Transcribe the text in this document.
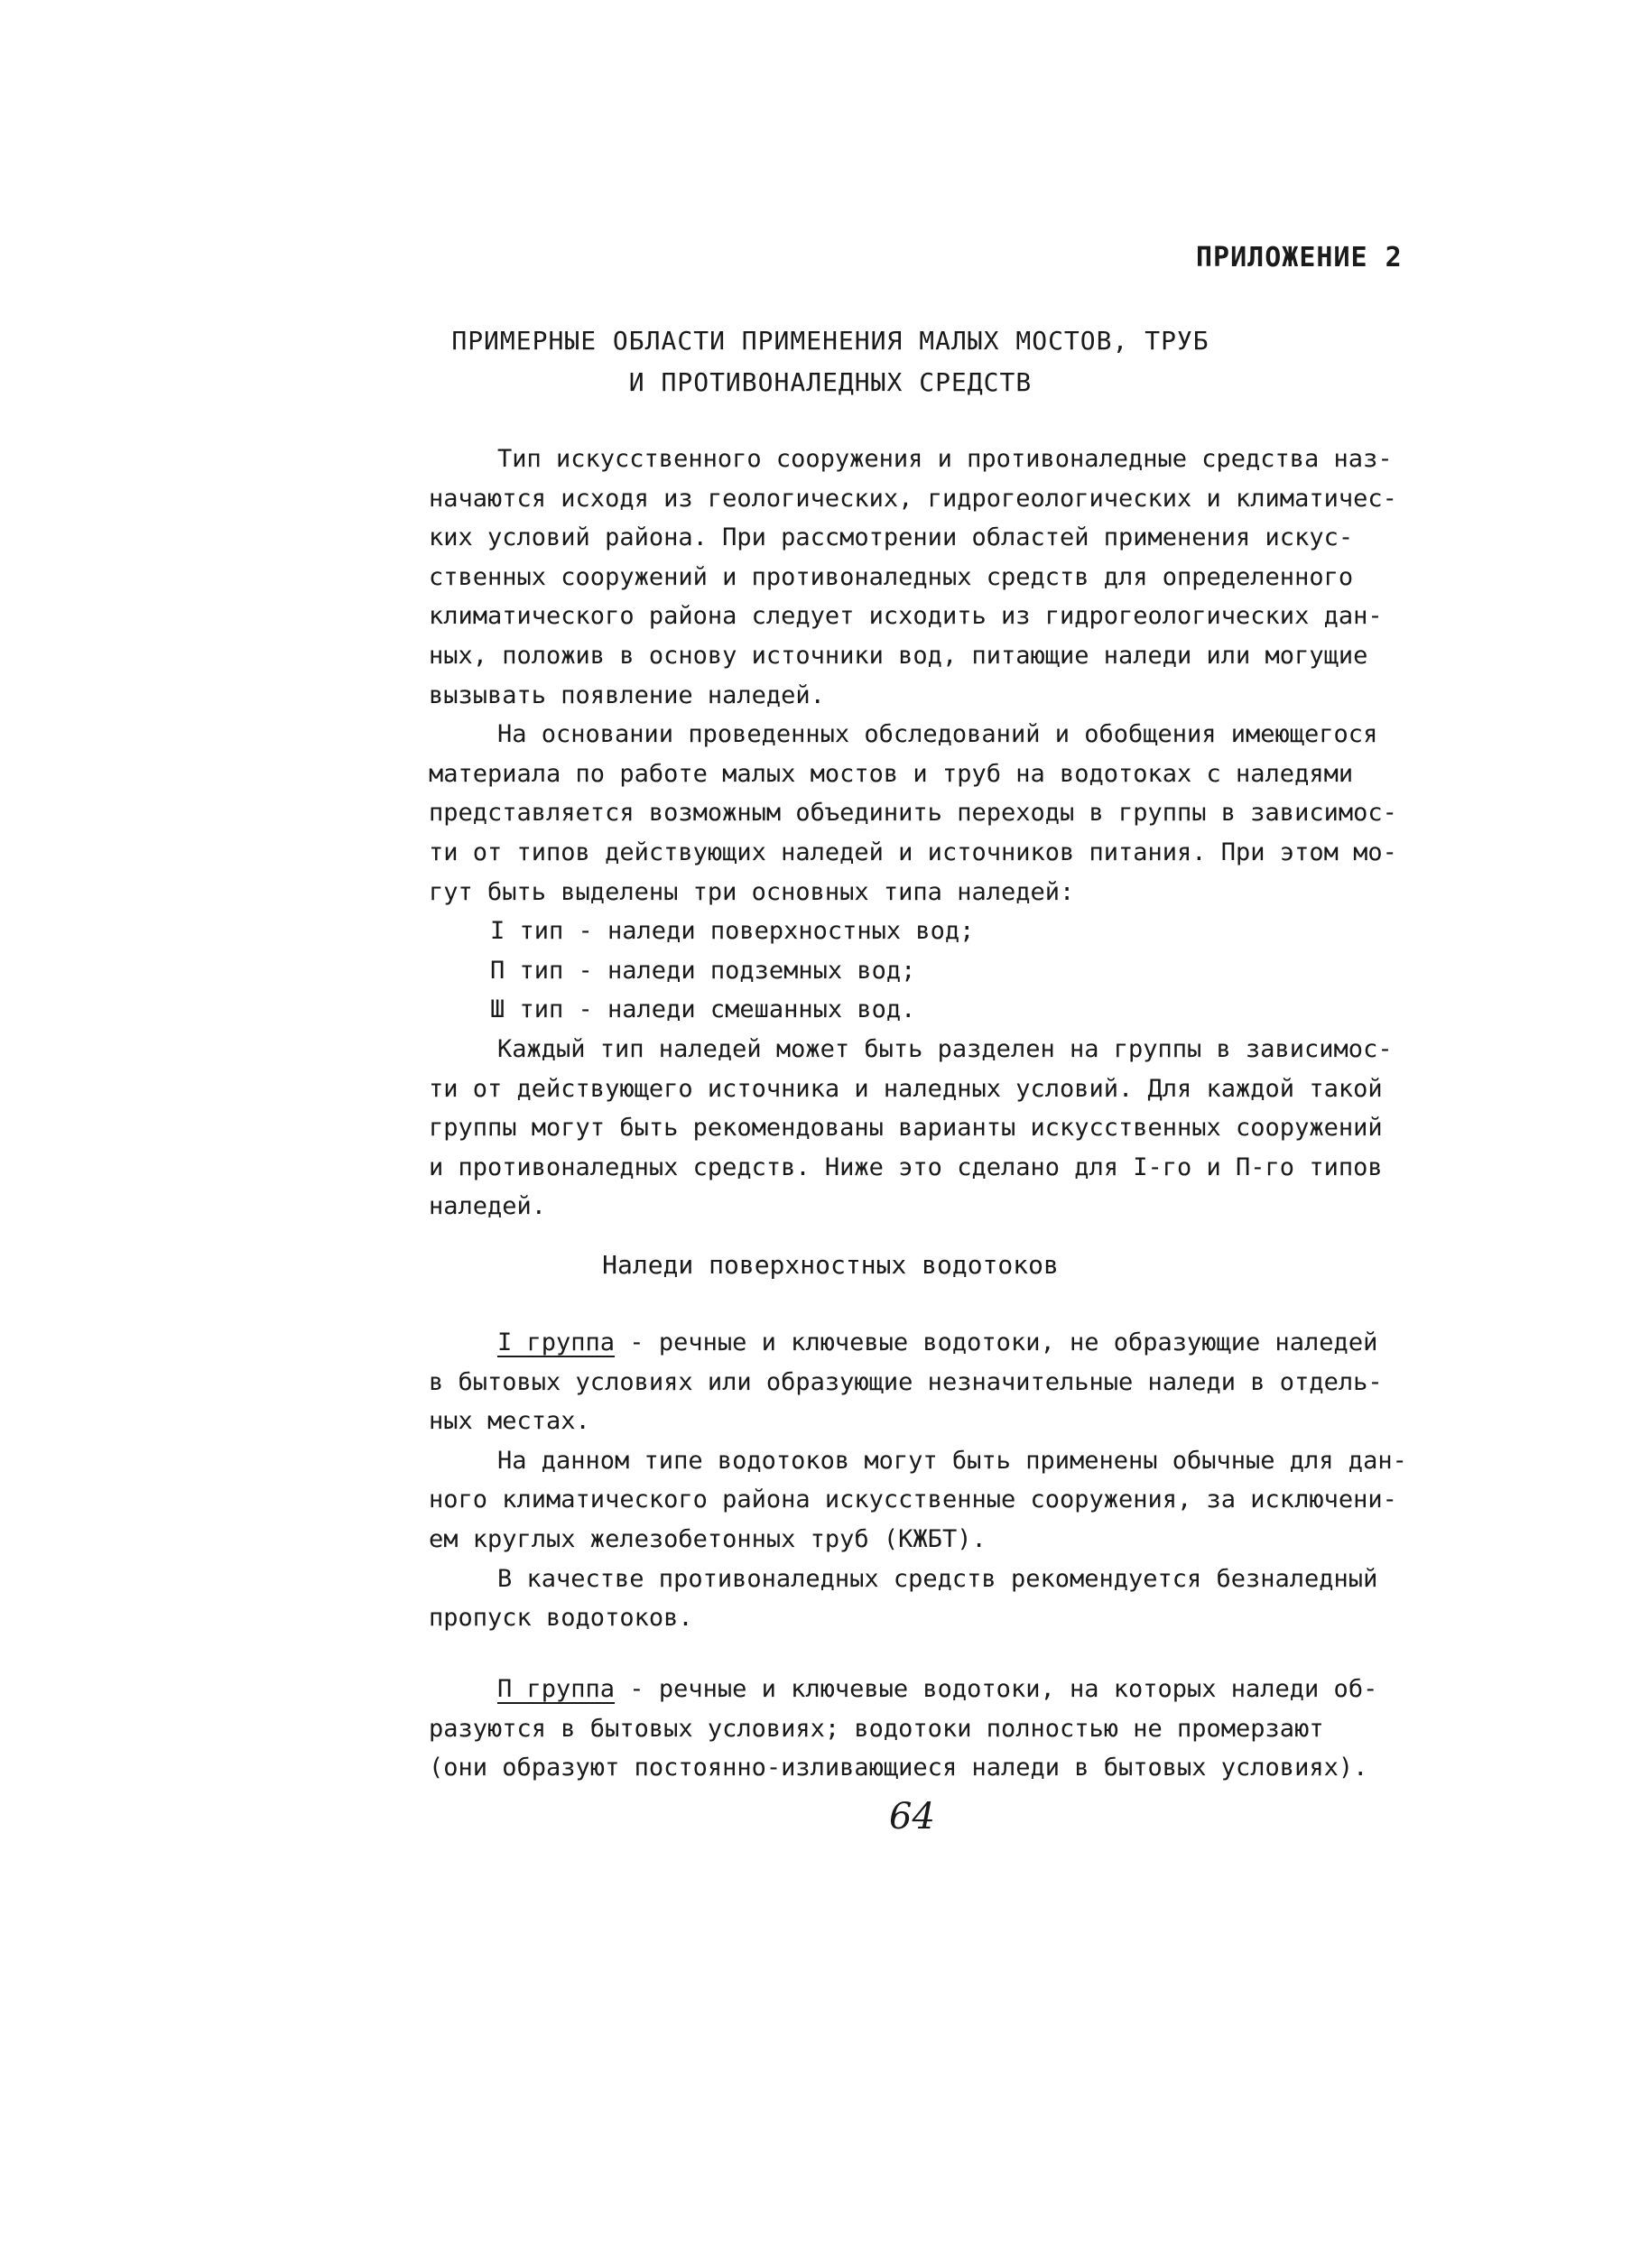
ПРИЛОЖЕНИЕ 2
ПРИМЕРНЫЕ ОБЛАСТИ ПРИМЕНЕНИЯ МАЛЫХ МОСТОВ, ТРУБ
И ПРОТИВОНАЛЕДНЫХ СРЕДСТВ
Тип искусственного сооружения и противоналедные средства наз-
начаются исходя из геологических, гидрогеологических и климатичес-
ких условий района. При рассмотрении областей применения искус-
ственных сооружений и противоналедных средств для определенного
климатического района следует исходить из гидрогеологических дан-
ных, положив в основу источники вод, питающие наледи или могущие
вызывать появление наледей.
На основании проведенных обследований и обобщения имеющегося
материала по работе малых мостов и труб на водотоках с наледями
представляется возможным объединить переходы в группы в зависимос-
ти от типов действующих наледей и источников питания. При этом мо-
гут быть выделены три основных типа наледей:
I тип - наледи поверхностных вод;
П тип - наледи подземных вод;
Ш тип - наледи смешанных вод.
Каждый тип наледей может быть разделен на группы в зависимос-
ти от действующего источника и наледных условий. Для каждой такой
группы могут быть рекомендованы варианты искусственных сооружений
и противоналедных средств. Ниже это сделано для I-го и П-го типов
наледей.
Наледи поверхностных водотоков
I группа - речные и ключевые водотоки, не образующие наледей
в бытовых условиях или образующие незначительные наледи в отдель-
ных местах.
На данном типе водотоков могут быть применены обычные для дан-
ного климатического района искусственные сооружения, за исключени-
ем круглых железобетонных труб (КЖБТ).
В качестве противоналедных средств рекомендуется безналедный
пропуск водотоков.
П группа - речные и ключевые водотоки, на которых наледи об-
разуются в бытовых условиях; водотоки полностью не промерзают
(они образуют постоянно-изливающиеся наледи в бытовых условиях).
64
